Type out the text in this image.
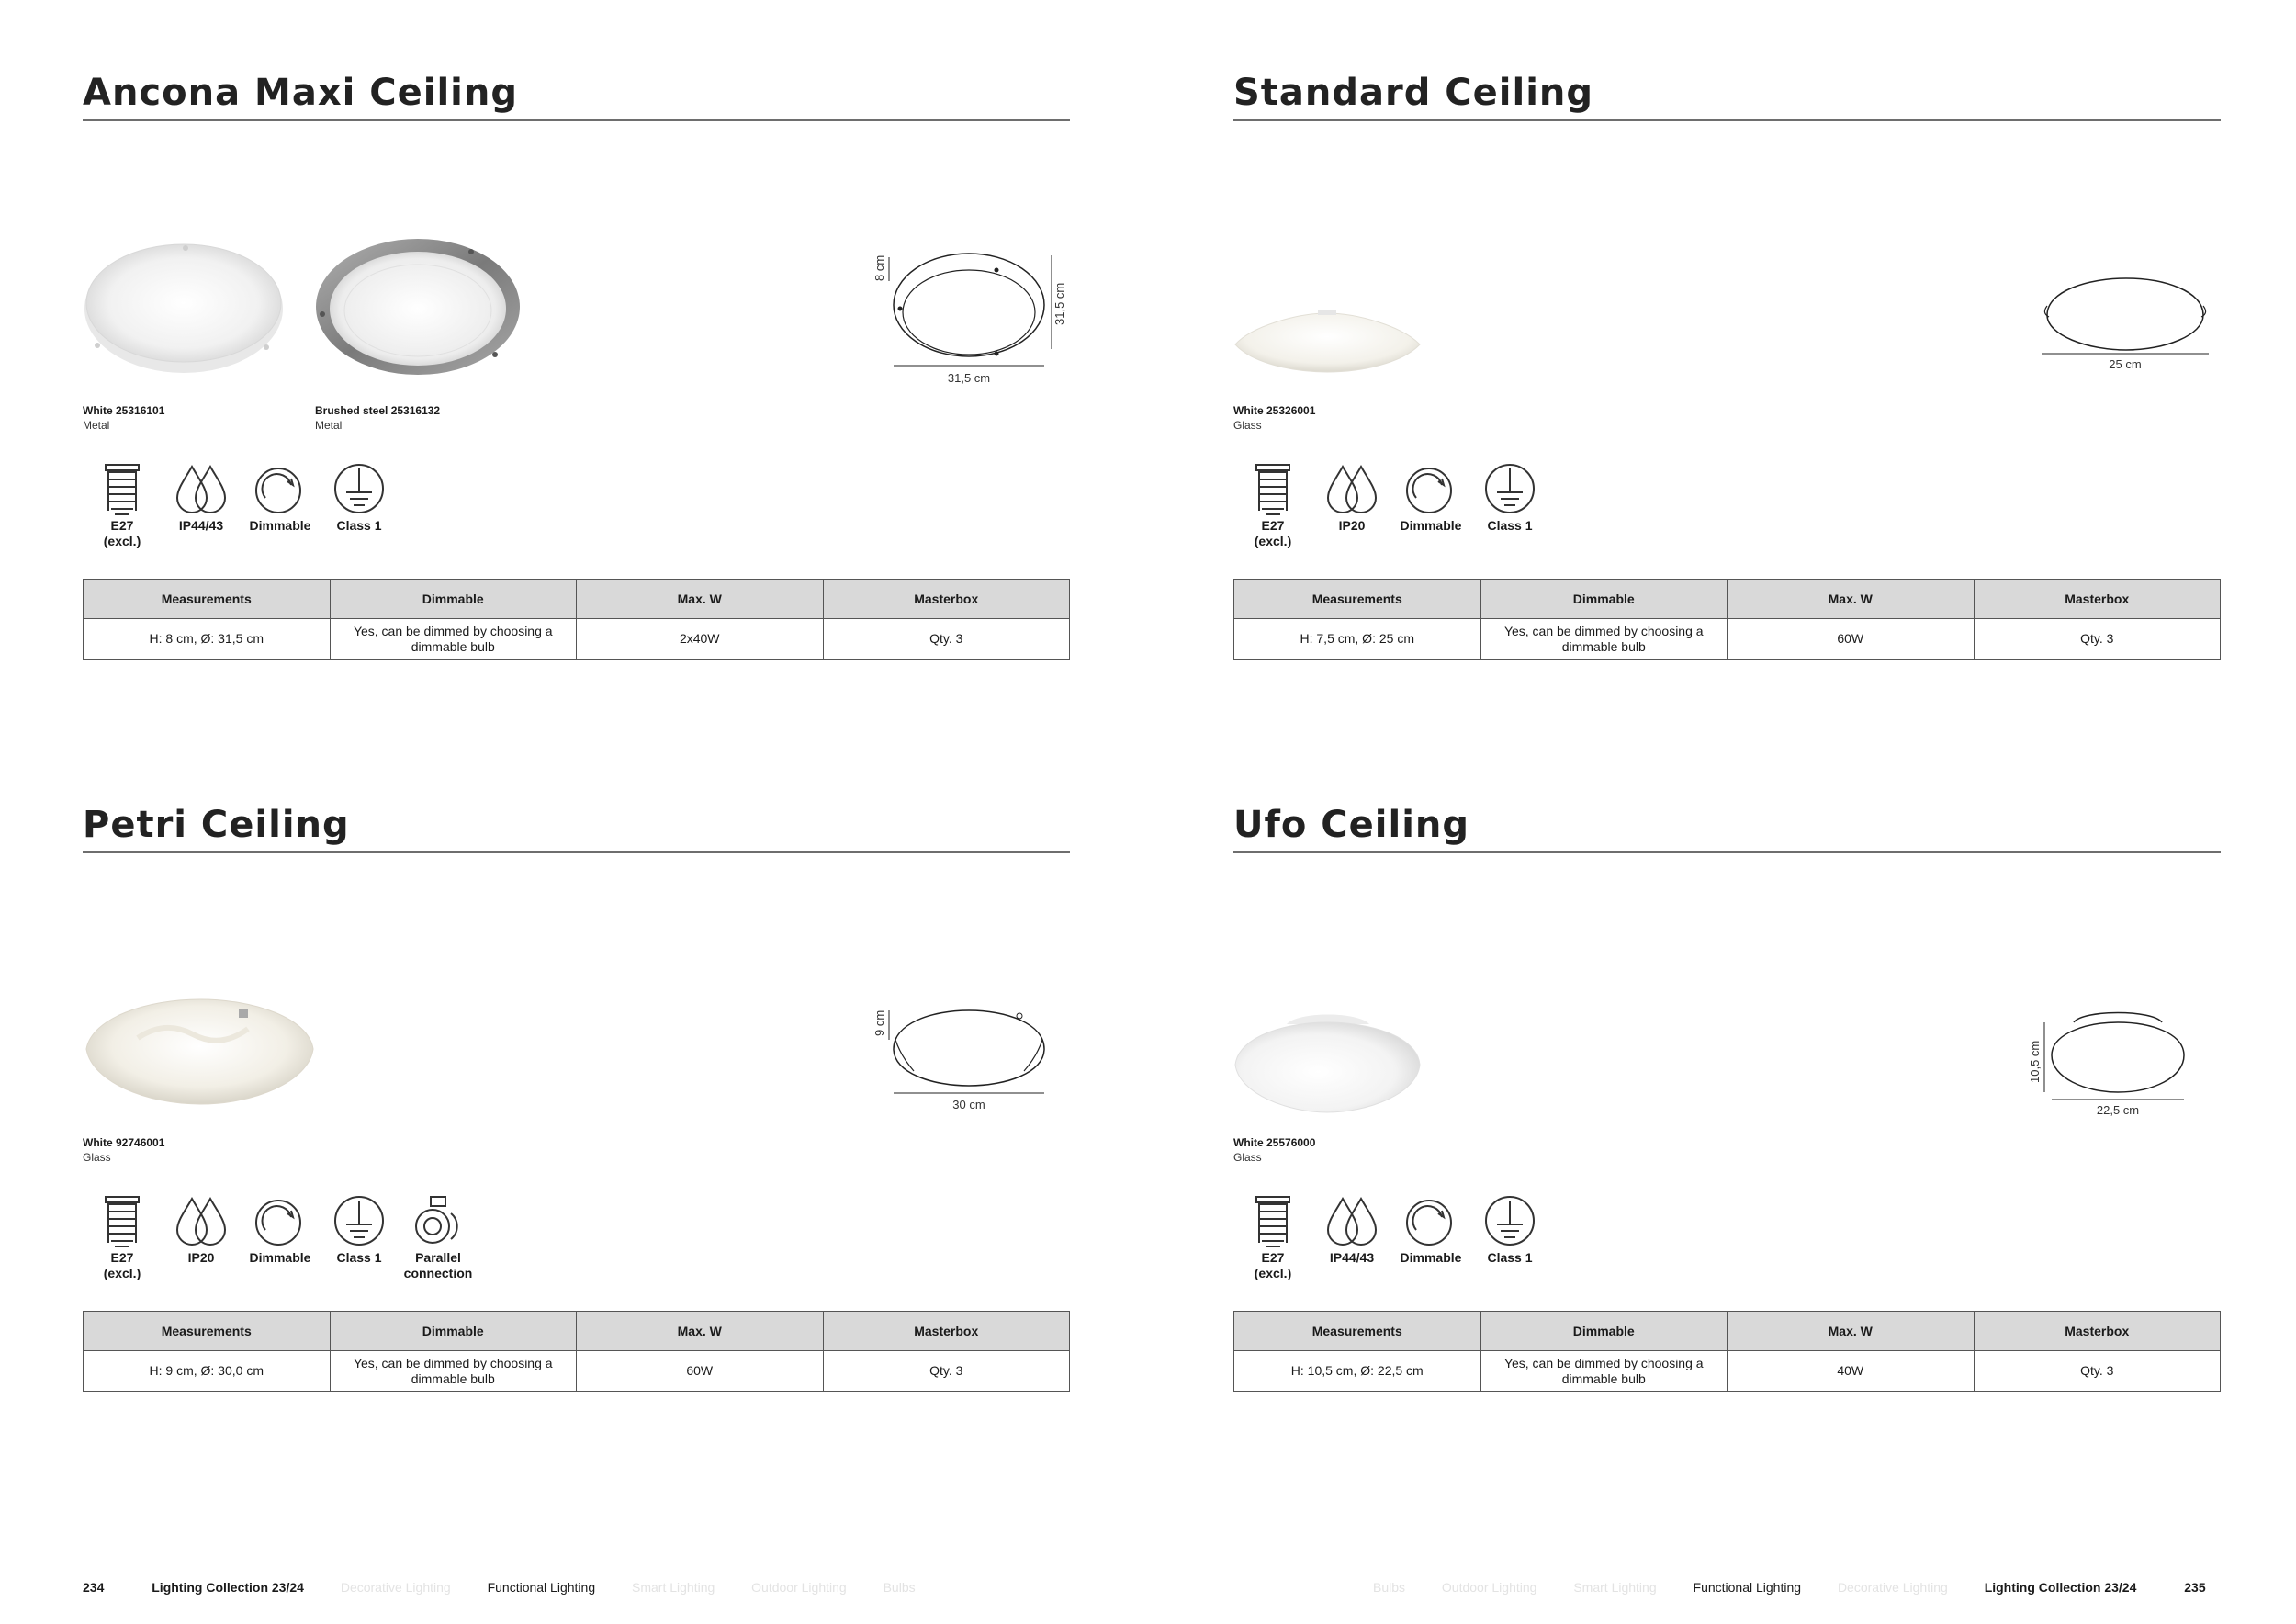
Ancona Maxi Ceiling
8 cm
31,5 cm
31,5 cm
White 25316101
Metal
Brushed steel 25316132
Metal
E27
(excl.)
IP44/43 Dimmable Class 1
Measurements	Dimmable	Max. W	Masterbox
H: 8 cm, Ø: 31,5 cm	Yes, can be dimmed by choosing a dimmable bulb	2x40W	Qty. 3
Standard Ceiling
25 cm
White 25326001
Glass
E27
(excl.)
IP20	Dimmable Class 1
Measurements	Dimmable	Max. W	Masterbox
H: 7,5 cm, Ø: 25 cm	Yes, can be dimmed by choosing a dimmable bulb	60W	Qty. 3
Petri Ceiling
9 cm
30 cm
White 92746001
Glass
E27
(excl.)
IP20	Dimmable Class 1	Parallel
connection
Measurements	Dimmable	Max. W	Masterbox
H: 9 cm, Ø: 30,0 cm	Yes, can be dimmed by choosing a dimmable bulb	60W	Qty. 3
Ufo Ceiling
10,5 cm
22,5 cm
White 25576000
Glass
E27
(excl.)
IP44/43 Dimmable Class 1
Measurements	Dimmable	Max. W	Masterbox
H: 10,5 cm, Ø: 22,5 cm	Yes, can be dimmed by choosing a dimmable bulb	40W	Qty. 3
234	Lighting Collection 23/24	Decorative Lighting	Functional Lighting	Smart Lighting	Outdoor Lighting	Bulbs	Bulbs	Outdoor Lighting	Smart Lighting	Functional Lighting	Decorative Lighting	Lighting Collection 23/24	235
